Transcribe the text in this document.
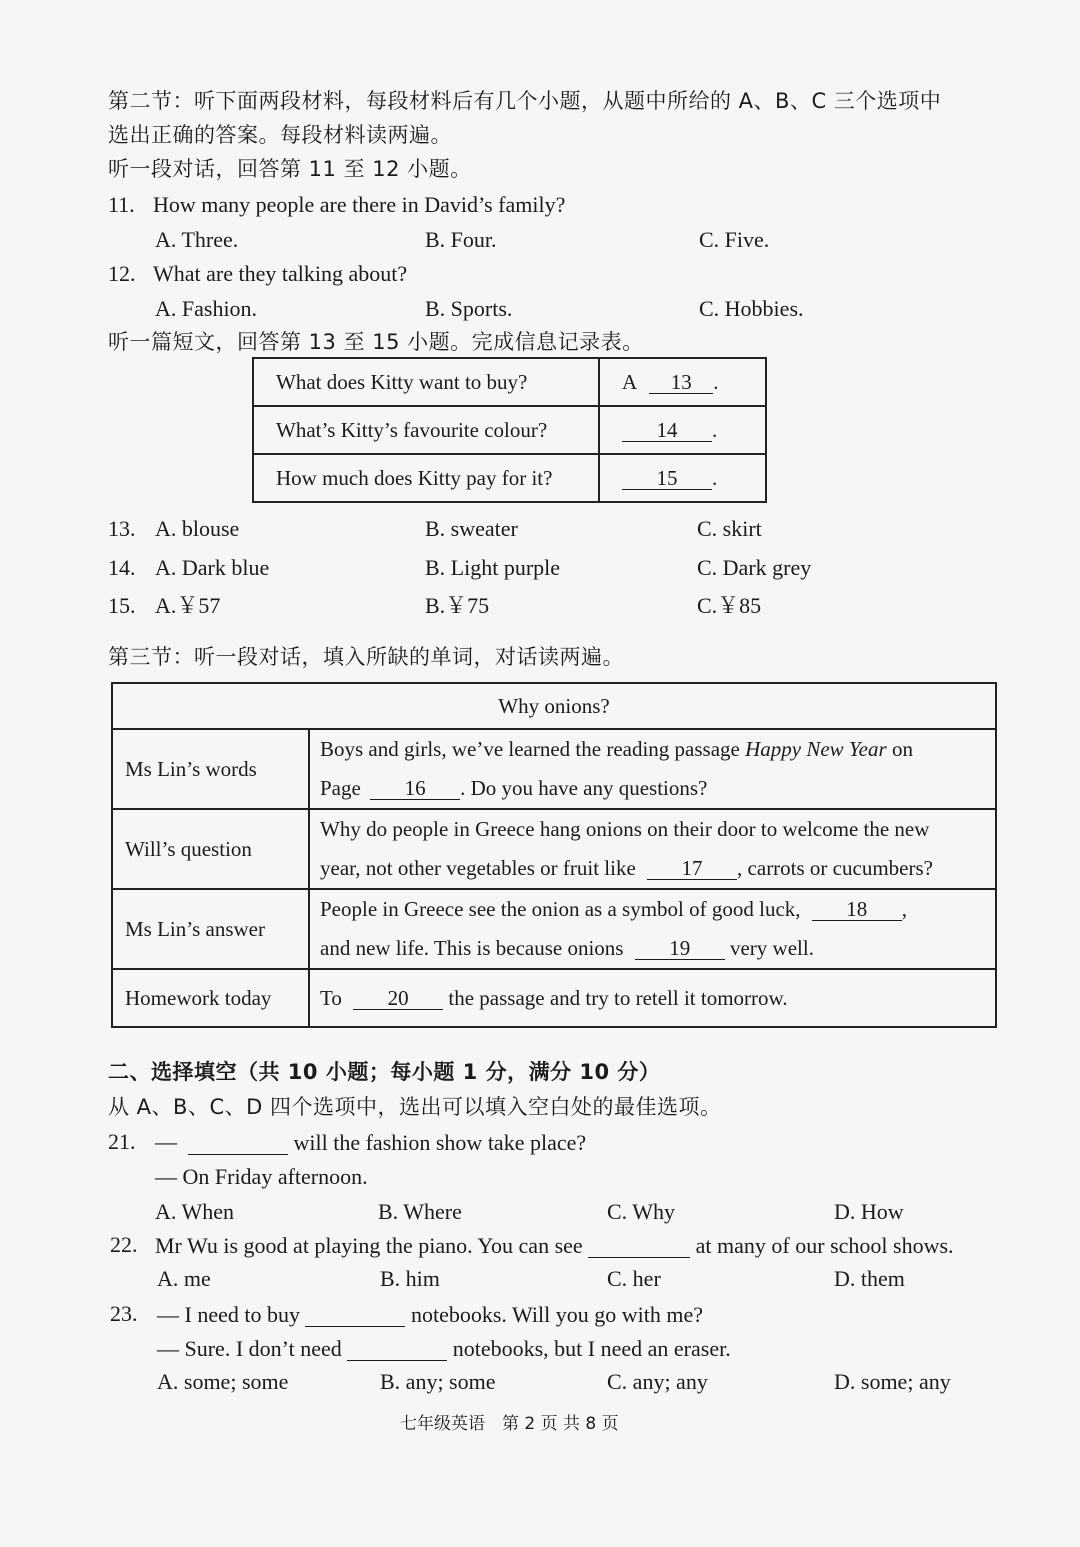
第二节：听下面两段材料，每段材料后有几个小题，从题中所给的 A、B、C 三个选项中
选出正确的答案。每段材料读两遍。
听一段对话，回答第 11 至 12 小题。
11. How many people are there in David’s family?
A. Three.	B. Four.	C. Five.
12. What are they talking about?
A. Fashion.	B. Sports.	C. Hobbies.
听一篇短文，回答第 13 至 15 小题。完成信息记录表。
What does Kitty want to buy?	A 13 .
What’s Kitty’s favourite colour?	14 .
How much does Kitty pay for it?	15 .
13. A. blouse	B. sweater	C. skirt
14. A. Dark blue	B. Light purple	C. Dark grey
15. A.￥57	B.￥75	C.￥85
第三节：听一段对话，填入所缺的单词，对话读两遍。
Why onions?	
Ms Lin’s words	Boys and girls, we’ve learned the reading passage Happy New Year on
Page 16 . Do you have any questions?

Will’s question	Why do people in Greece hang onions on their door to welcome the new
year, not other vegetables or fruit like 17 , carrots or cucumbers?

Ms Lin’s answer	People in Greece see the onion as a symbol of good luck, 18 ,
and new life. This is because onions 19 very well.

Homework today	To 20 the passage and try to retell it tomorrow.
二、选择填空（共 10 小题；每小题 1 分，满分 10 分）
从 A、B、C、D 四个选项中，选出可以填入空白处的最佳选项。
21. —	will the fashion show take place?
— On Friday afternoon.
A. When	B. Where	C. Why	D. How
22. Mr Wu is good at playing the piano. You can see	at many of our school shows.
A. me	B. him	C. her	D. them
23. — I need to buy	notebooks. Will you go with me?
— Sure. I don’t need	notebooks, but I need an eraser.
A. some; some	B. any; some	C. any; any	D. some; any
七年级英语　第 2 页 共 8 页
